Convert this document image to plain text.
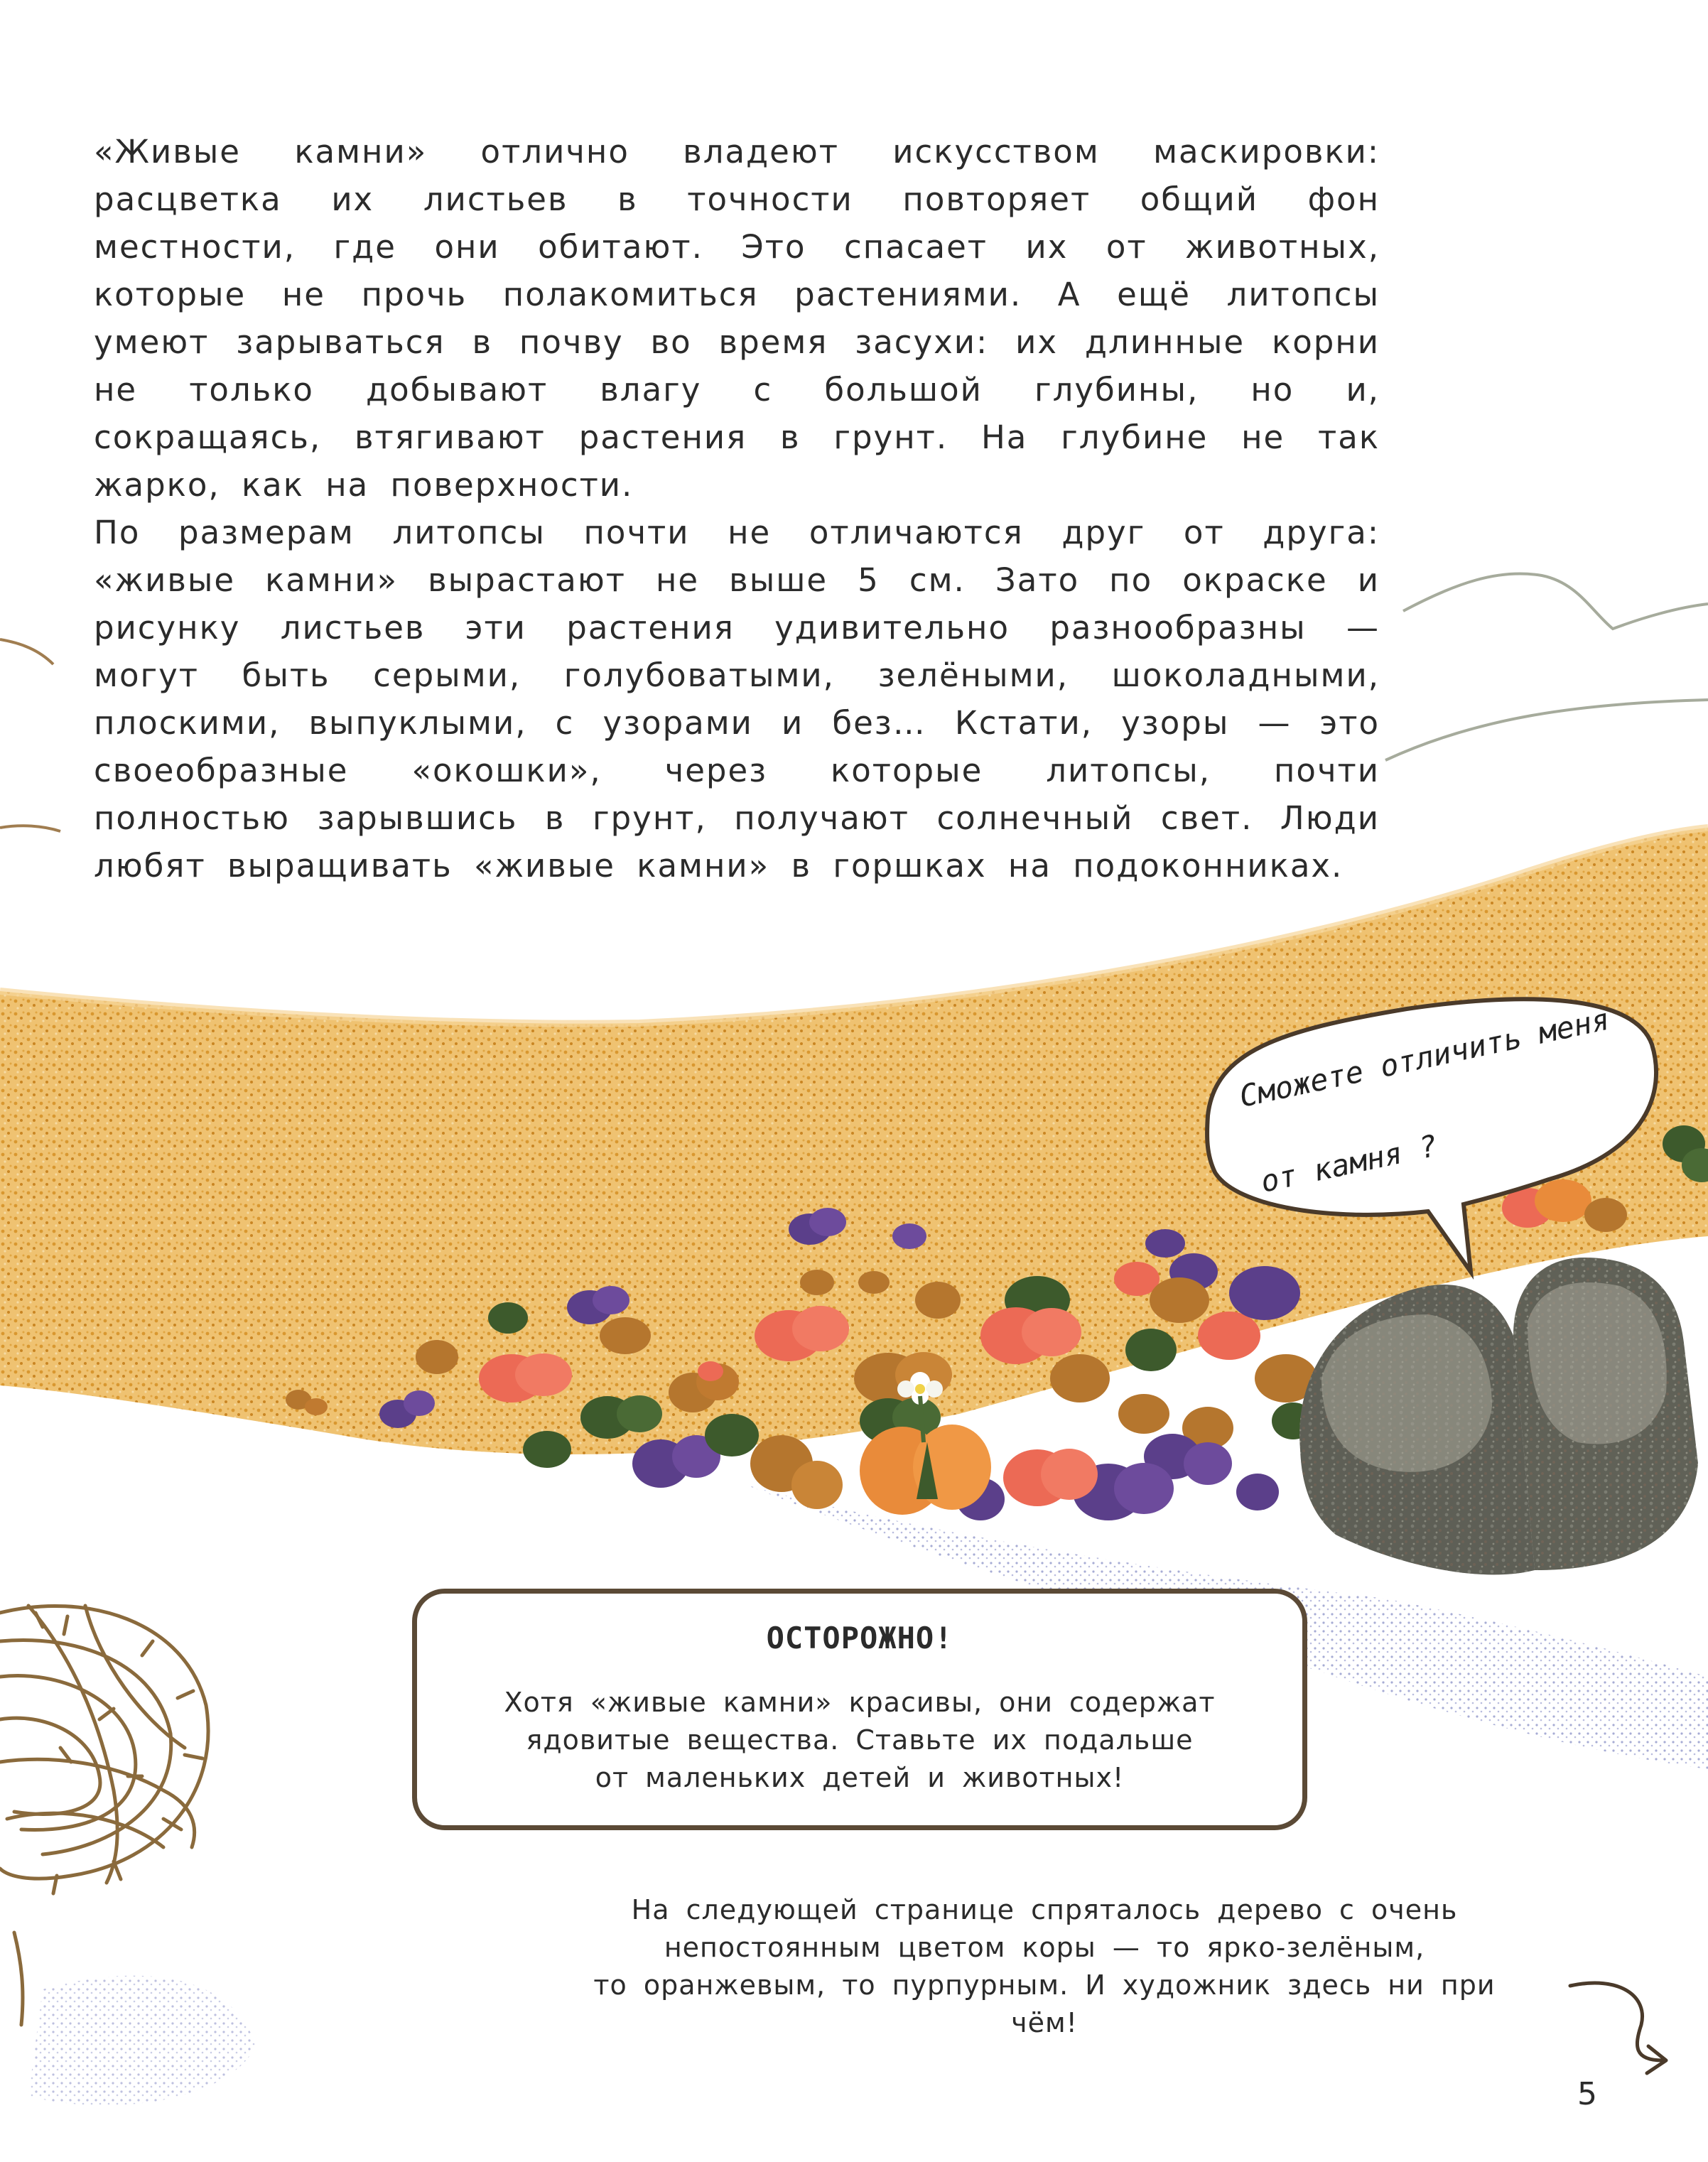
«Живые камни» отлично владеют искусством маскировки: расцветка их листьев в точности повторяет общий фон местности, где они обитают. Это спасает их от животных, которые не прочь полакомиться растениями. А ещё литопсы умеют зарываться в почву во время засухи: их длинные корни не только добывают влагу с большой глубины, но и, сокращаясь, втягивают растения в грунт. На глубине не так жарко, как на поверхности.

По размерам литопсы почти не отличаются друг от друга: «живые камни» вырастают не выше 5 см. Зато по окраске и рисунку листьев эти растения удивительно разнообразны — могут быть серыми, голубоватыми, зелёными, шоколадными, плоскими, выпуклыми, с узорами и без… Кстати, узоры — это своеобразные «окошки», через которые литопсы, почти полностью зарывшись в грунт, получают солнечный свет. Люди любят выращивать «живые камни» в горшках на подоконниках.

Сможете отличить меня
от камня ?
ОСТОРОЖНО!
Хотя «живые камни» красивы, они содержат
ядовитые вещества. Ставьте их подальше
от маленьких детей и животных!
На следующей странице спряталось дерево с очень
непостоянным цветом коры — то ярко-зелёным,
то оранжевым, то пурпурным. И художник здесь ни при чём!
5
